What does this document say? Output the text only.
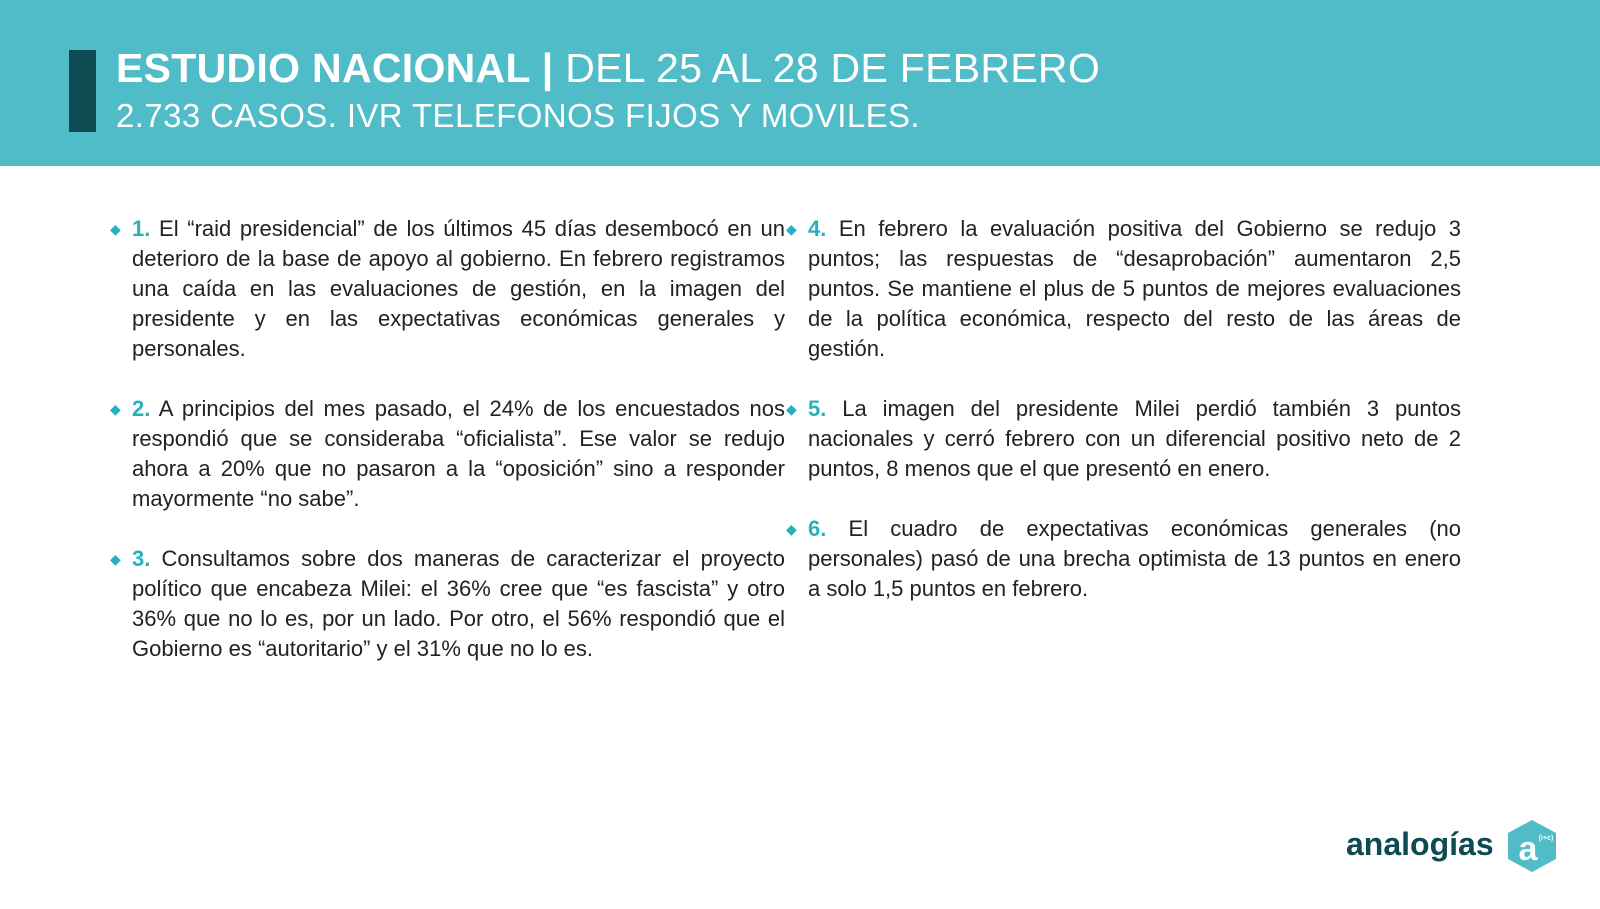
ESTUDIO NACIONAL | DEL 25 AL 28 DE FEBRERO
2.733 CASOS. IVR TELEFONOS FIJOS Y MOVILES.
◆ 1. El “raid presidencial” de los últimos 45 días desembocó en un deterioro de la base de apoyo al gobierno. En febrero registramos una caída en las evaluaciones de gestión, en la imagen del presidente y en las expectativas económicas generales y personales.
◆ 2. A principios del mes pasado, el 24% de los encuestados nos respondió que se consideraba “oficialista”. Ese valor se redujo ahora a 20% que no pasaron a la “oposición” sino a responder mayormente “no sabe”.
◆ 3. Consultamos sobre dos maneras de caracterizar el proyecto político que encabeza Milei: el 36% cree que “es fascista” y otro 36% que no lo es, por un lado. Por otro, el 56% respondió que el Gobierno es “autoritario” y el 31% que no lo es.
◆ 4. En febrero la evaluación positiva del Gobierno se redujo 3 puntos; las respuestas de “desaprobación” aumentaron 2,5 puntos. Se mantiene el plus de 5 puntos de mejores evaluaciones de la política económica, respecto del resto de las áreas de gestión.
◆ 5. La imagen del presidente Milei perdió también 3 puntos nacionales y cerró febrero con un diferencial positivo neto de 2 puntos, 8 menos que el que presentó en enero.
◆ 6. El cuadro de expectativas económicas generales (no personales) pasó de una brecha optimista de 13 puntos en enero a solo 1,5 puntos en febrero.
analogías a (i+c)
